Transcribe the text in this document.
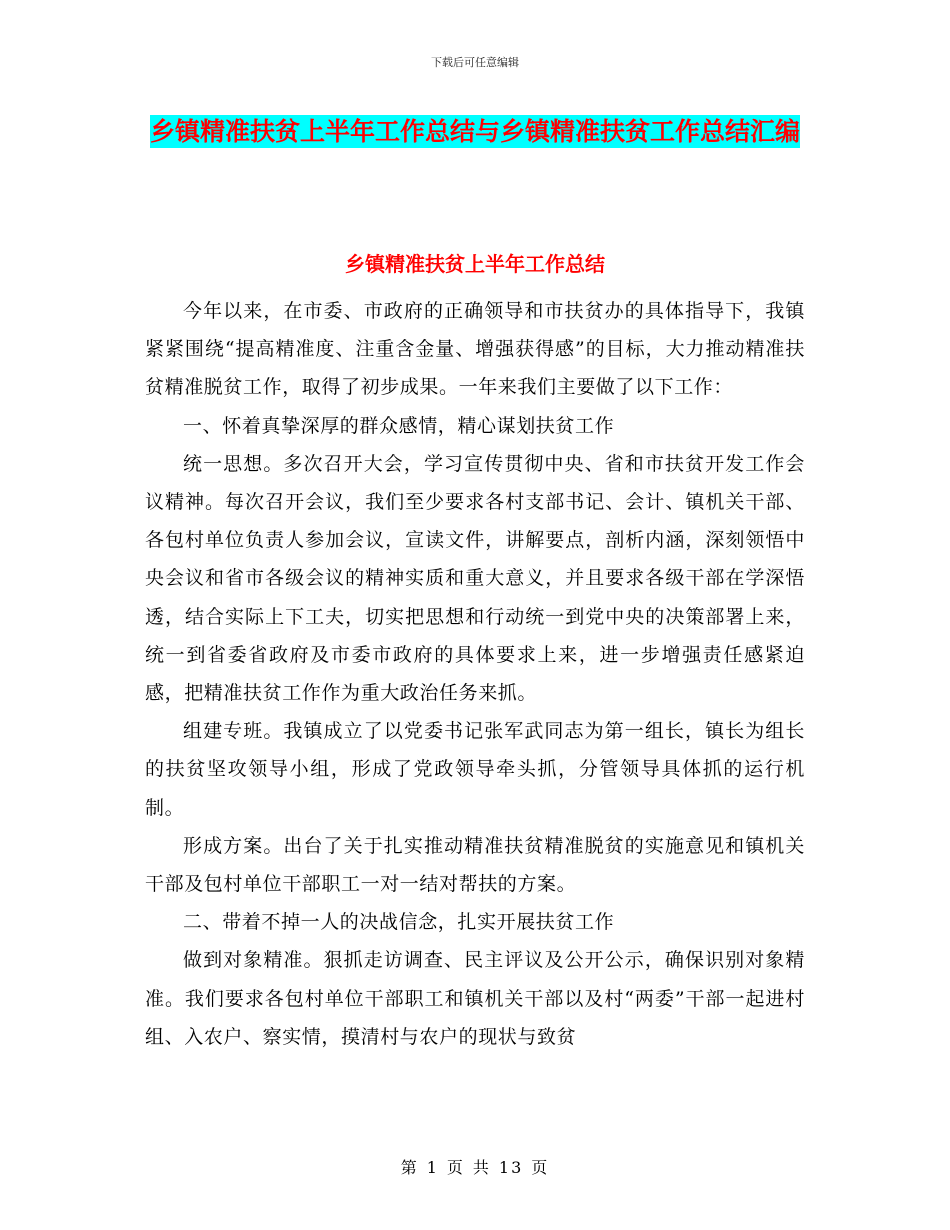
下载后可任意编辑
乡镇精准扶贫上半年工作总结与乡镇精准扶贫工作总结汇编
乡镇精准扶贫上半年工作总结

今年以来，在市委、市政府的正确领导和市扶贫办的具体指导下，我镇紧紧围绕“提高精准度、注重含金量、增强获得感”的目标，大力推动精准扶贫精准脱贫工作，取得了初步成果。一年来我们主要做了以下工作：

一、怀着真挚深厚的群众感情，精心谋划扶贫工作

统一思想。多次召开大会，学习宣传贯彻中央、省和市扶贫开发工作会议精神。每次召开会议，我们至少要求各村支部书记、会计、镇机关干部、各包村单位负责人参加会议，宣读文件，讲解要点，剖析内涵，深刻领悟中央会议和省市各级会议的精神实质和重大意义，并且要求各级干部在学深悟透，结合实际上下工夫，切实把思想和行动统一到党中央的决策部署上来，统一到省委省政府及市委市政府的具体要求上来，进一步增强责任感紧迫感，把精准扶贫工作作为重大政治任务来抓。

组建专班。我镇成立了以党委书记张军武同志为第一组长，镇长为组长的扶贫坚攻领导小组，形成了党政领导牵头抓，分管领导具体抓的运行机制。

形成方案。出台了关于扎实推动精准扶贫精准脱贫的实施意见和镇机关干部及包村单位干部职工一对一结对帮扶的方案。

二、带着不掉一人的决战信念，扎实开展扶贫工作

做到对象精准。狠抓走访调查、民主评议及公开公示，确保识别对象精准。我们要求各包村单位干部职工和镇机关干部以及村“两委”干部一起进村组、入农户、察实情，摸清村与农户的现状与致贫

第 1 页 共 13 页
